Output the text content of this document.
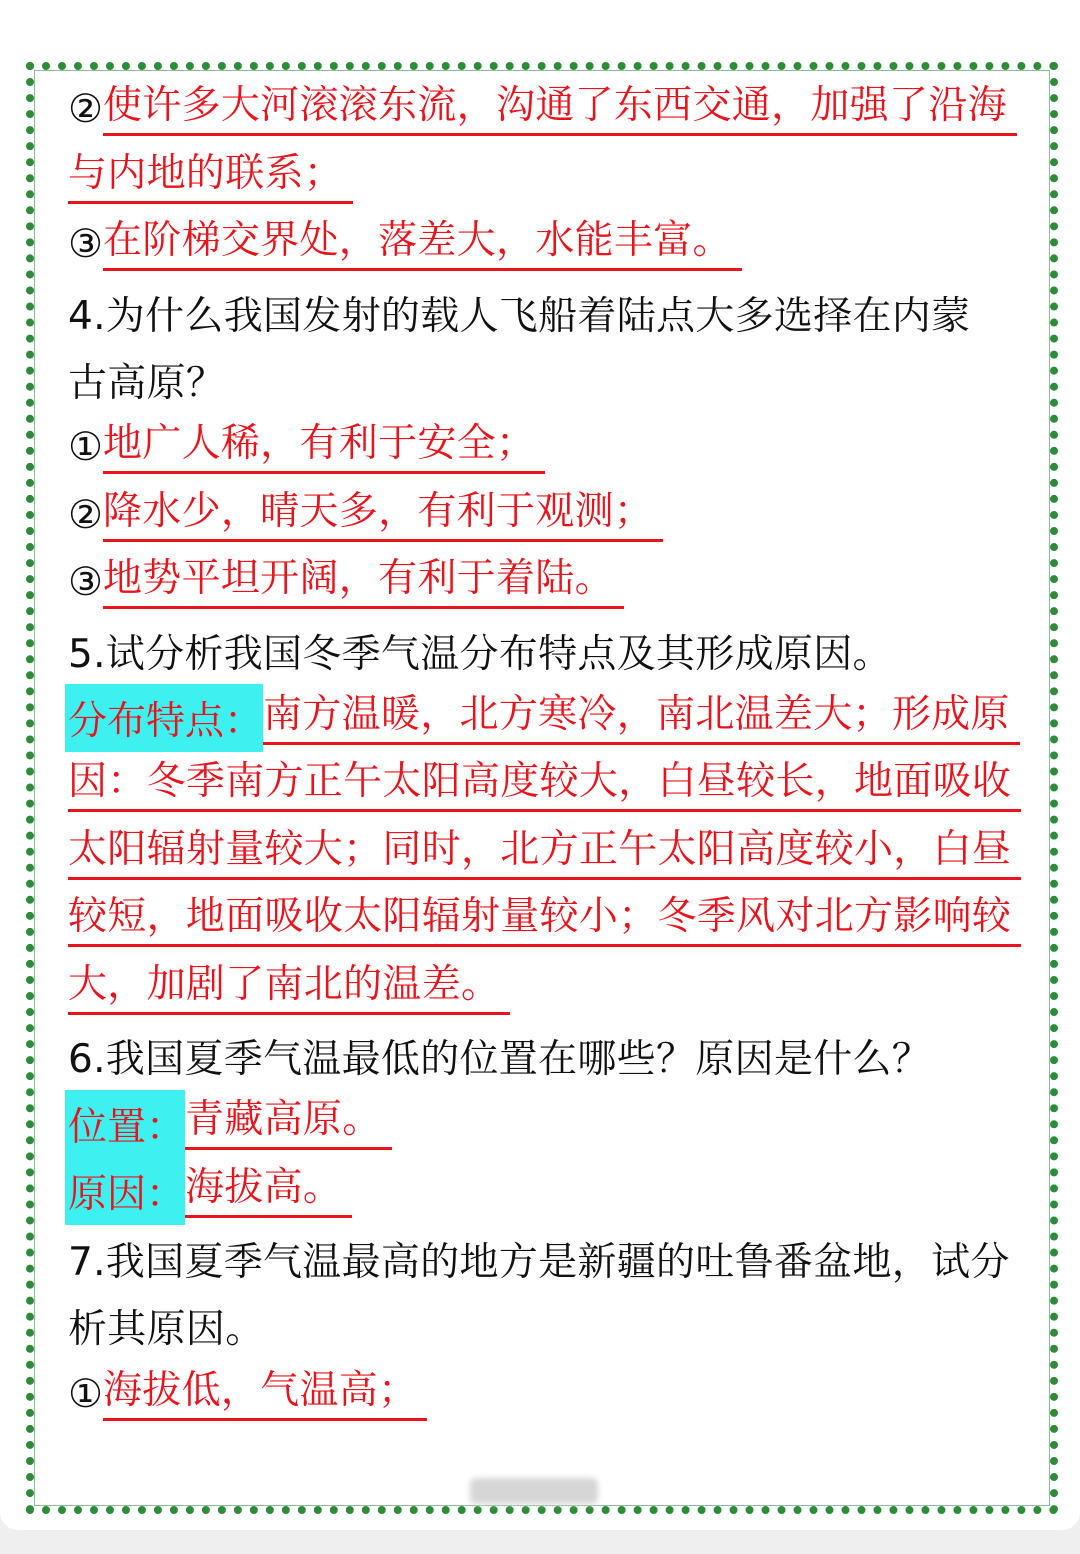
② 使许多大河滚滚东流，沟通了东西交通，加强了沿海
与内地的联系；
③ 在阶梯交界处，落差大，水能丰富。
4.为什么我国发射的载人飞船着陆点大多选择在内蒙
古高原？
① 地广人稀，有利于安全；
② 降水少，晴天多，有利于观测；
③ 地势平坦开阔，有利于着陆。
5.试分析我国冬季气温分布特点及其形成原因。
分布特点： 南方温暖，北方寒冷，南北温差大；形成原
因：冬季南方正午太阳高度较大，白昼较长，地面吸收
太阳辐射量较大；同时，北方正午太阳高度较小，白昼
较短，地面吸收太阳辐射量较小；冬季风对北方影响较
大，加剧了南北的温差。
6.我国夏季气温最低的位置在哪些？原因是什么？
位置： 青藏高原。
原因： 海拔高。
7.我国夏季气温最高的地方是新疆的吐鲁番盆地，试分
析其原因。
① 海拔低，气温高；
